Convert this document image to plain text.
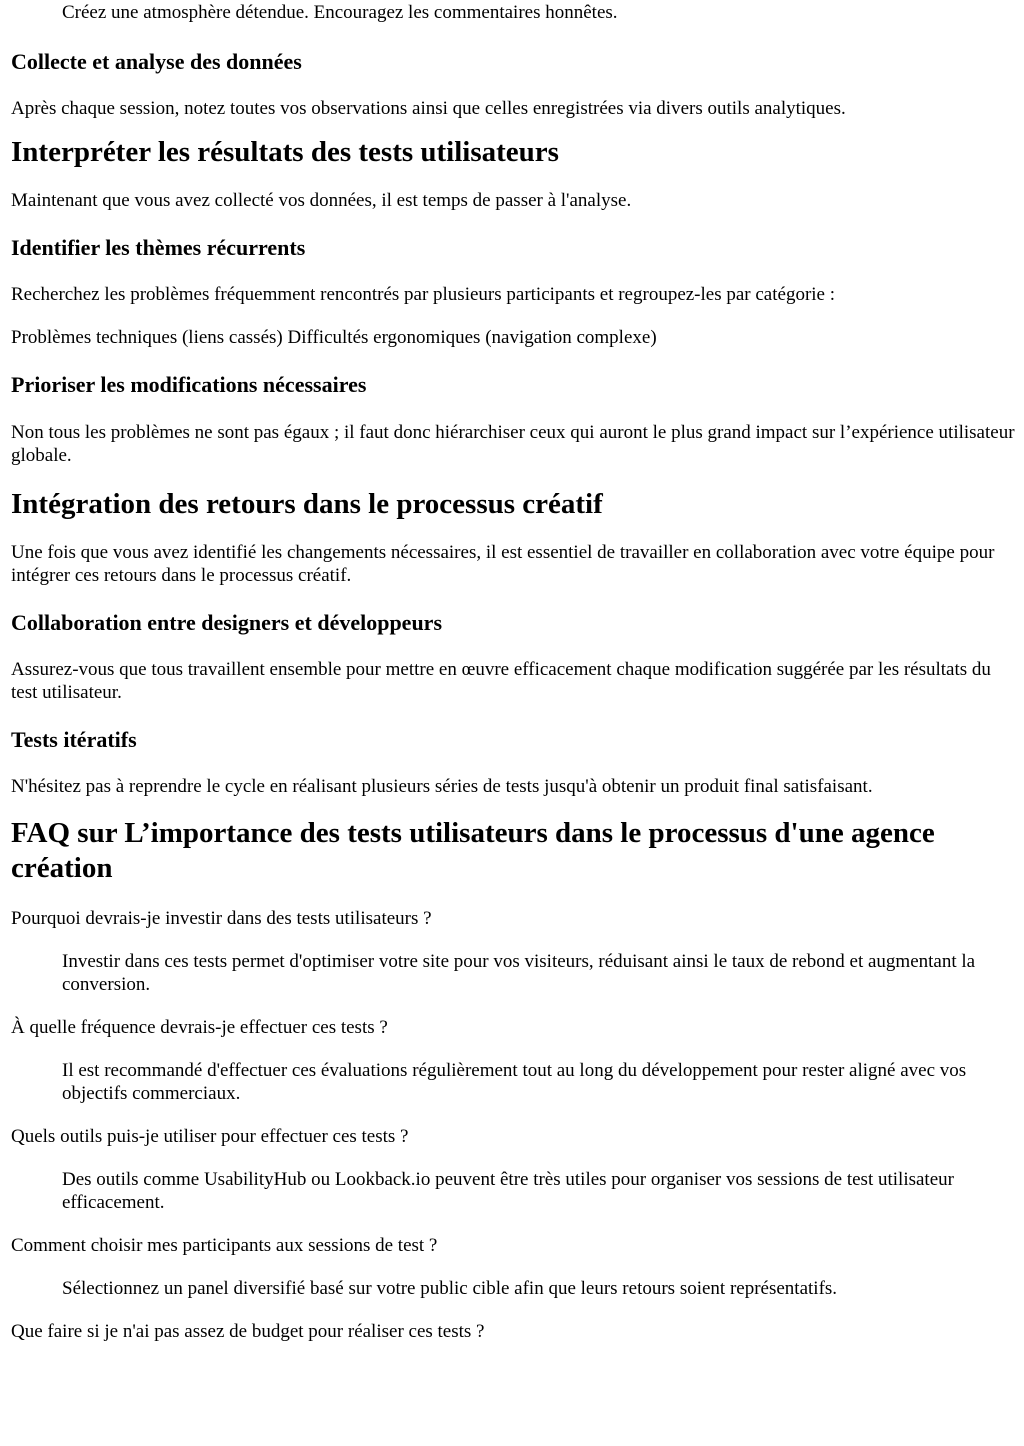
Créez une atmosphère détendue. Encouragez les commentaires honnêtes.

Collecte et analyse des données

Après chaque session, notez toutes vos observations ainsi que celles enregistrées via divers outils analytiques.

Interpréter les résultats des tests utilisateurs

Maintenant que vous avez collecté vos données, il est temps de passer à l'analyse.

Identifier les thèmes récurrents

Recherchez les problèmes fréquemment rencontrés par plusieurs participants et regroupez-les par catégorie :

Problèmes techniques (liens cassés) Difficultés ergonomiques (navigation complexe)

Prioriser les modifications nécessaires

Non tous les problèmes ne sont pas égaux ; il faut donc hiérarchiser ceux qui auront le plus grand impact sur l’expérience utilisateur globale.

Intégration des retours dans le processus créatif

Une fois que vous avez identifié les changements nécessaires, il est essentiel de travailler en collaboration avec votre équipe pour intégrer ces retours dans le processus créatif.

Collaboration entre designers et développeurs

Assurez-vous que tous travaillent ensemble pour mettre en œuvre efficacement chaque modification suggérée par les résultats du test utilisateur.

Tests itératifs

N'hésitez pas à reprendre le cycle en réalisant plusieurs séries de tests jusqu'à obtenir un produit final satisfaisant.

FAQ sur L’importance des tests utilisateurs dans le processus d'une agence création
Pourquoi devrais-je investir dans des tests utilisateurs ?
Investir dans ces tests permet d'optimiser votre site pour vos visiteurs, réduisant ainsi le taux de rebond et augmentant la conversion.
À quelle fréquence devrais-je effectuer ces tests ?
Il est recommandé d'effectuer ces évaluations régulièrement tout au long du développement pour rester aligné avec vos objectifs commerciaux.
Quels outils puis-je utiliser pour effectuer ces tests ?
Des outils comme UsabilityHub ou Lookback.io peuvent être très utiles pour organiser vos sessions de test utilisateur efficacement.
Comment choisir mes participants aux sessions de test ?
Sélectionnez un panel diversifié basé sur votre public cible afin que leurs retours soient représentatifs.
Que faire si je n'ai pas assez de budget pour réaliser ces tests ?
